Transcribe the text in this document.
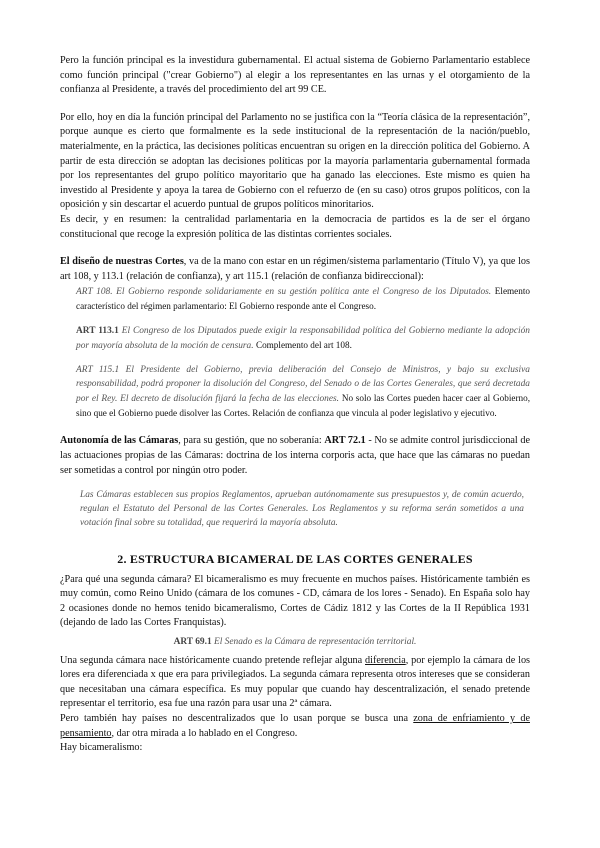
Pero la función principal es la investidura gubernamental. El actual sistema de Gobierno Parlamentario establece como función principal ("crear Gobierno") al elegir a los representantes en las urnas y el otorgamiento de la confianza al Presidente, a través del procedimiento del art 99 CE.

Por ello, hoy en día la función principal del Parlamento no se justifica con la “Teoría clásica de la representación”, porque aunque es cierto que formalmente es la sede institucional de la representación de la nación/pueblo, materialmente, en la práctica, las decisiones políticas encuentran su origen en la dirección política del Gobierno. A partir de esta dirección se adoptan las decisiones políticas por la mayoría parlamentaria gubernamental formada por los representantes del grupo político mayoritario que ha ganado las elecciones. Este mismo es quien ha investido al Presidente y apoya la tarea de Gobierno con el refuerzo de (en su caso) otros grupos políticos, con la oposición y sin descartar el acuerdo puntual de grupos políticos minoritarios.

Es decir, y en resumen: la centralidad parlamentaria en la democracia de partidos es la de ser el órgano constitucional que recoge la expresión política de las distintas corrientes sociales.

El diseño de nuestras Cortes, va de la mano con estar en un régimen/sistema parlamentario (Título V), ya que los art 108, y 113.1 (relación de confianza), y art 115.1 (relación de confianza bidireccional):

ART 108. El Gobierno responde solidariamente en su gestión política ante el Congreso de los Diputados. Elemento característico del régimen parlamentario: El Gobierno responde ante el Congreso.

ART 113.1 El Congreso de los Diputados puede exigir la responsabilidad política del Gobierno mediante la adopción por mayoría absoluta de la moción de censura. Complemento del art 108.

ART 115.1 El Presidente del Gobierno, previa deliberación del Consejo de Ministros, y bajo su exclusiva responsabilidad, podrá proponer la disolución del Congreso, del Senado o de las Cortes Generales, que será decretada por el Rey. El decreto de disolución fijará la fecha de las elecciones. No solo las Cortes pueden hacer caer al Gobierno, sino que el Gobierno puede disolver las Cortes. Relación de confianza que vincula al poder legislativo y ejecutivo.

Autonomía de las Cámaras, para su gestión, que no soberanía: ART 72.1 - No se admite control jurisdiccional de las actuaciones propias de las Cámaras: doctrina de los interna corporis acta, que hace que las cámaras no puedan ser sometidas a control por ningún otro poder.

Las Cámaras establecen sus propios Reglamentos, aprueban autónomamente sus presupuestos y, de común acuerdo, regulan el Estatuto del Personal de las Cortes Generales. Los Reglamentos y su reforma serán sometidos a una votación final sobre su totalidad, que requerirá la mayoría absoluta.

2. ESTRUCTURA BICAMERAL DE LAS CORTES GENERALES

¿Para qué una segunda cámara? El bicameralismo es muy frecuente en muchos países. Históricamente también es muy común, como Reino Unido (cámara de los comunes - CD, cámara de los lores - Senado). En España solo hay 2 ocasiones donde no hemos tenido bicameralismo, Cortes de Cádiz 1812 y las Cortes de la II República 1931 (dejando de lado las Cortes Franquistas).

ART 69.1 El Senado es la Cámara de representación territorial.

Una segunda cámara nace históricamente cuando pretende reflejar alguna diferencia, por ejemplo la cámara de los lores era diferenciada x que era para privilegiados. La segunda cámara representa otros intereses que se consideran que necesitaban una cámara específica. Es muy popular que cuando hay descentralización, el senado pretende representar el territorio, esa fue una razón para usar una 2ª cámara.

Pero también hay países no descentralizados que lo usan porque se busca una zona de enfriamiento y de pensamiento, dar otra mirada a lo hablado en el Congreso.

Hay bicameralismo:
